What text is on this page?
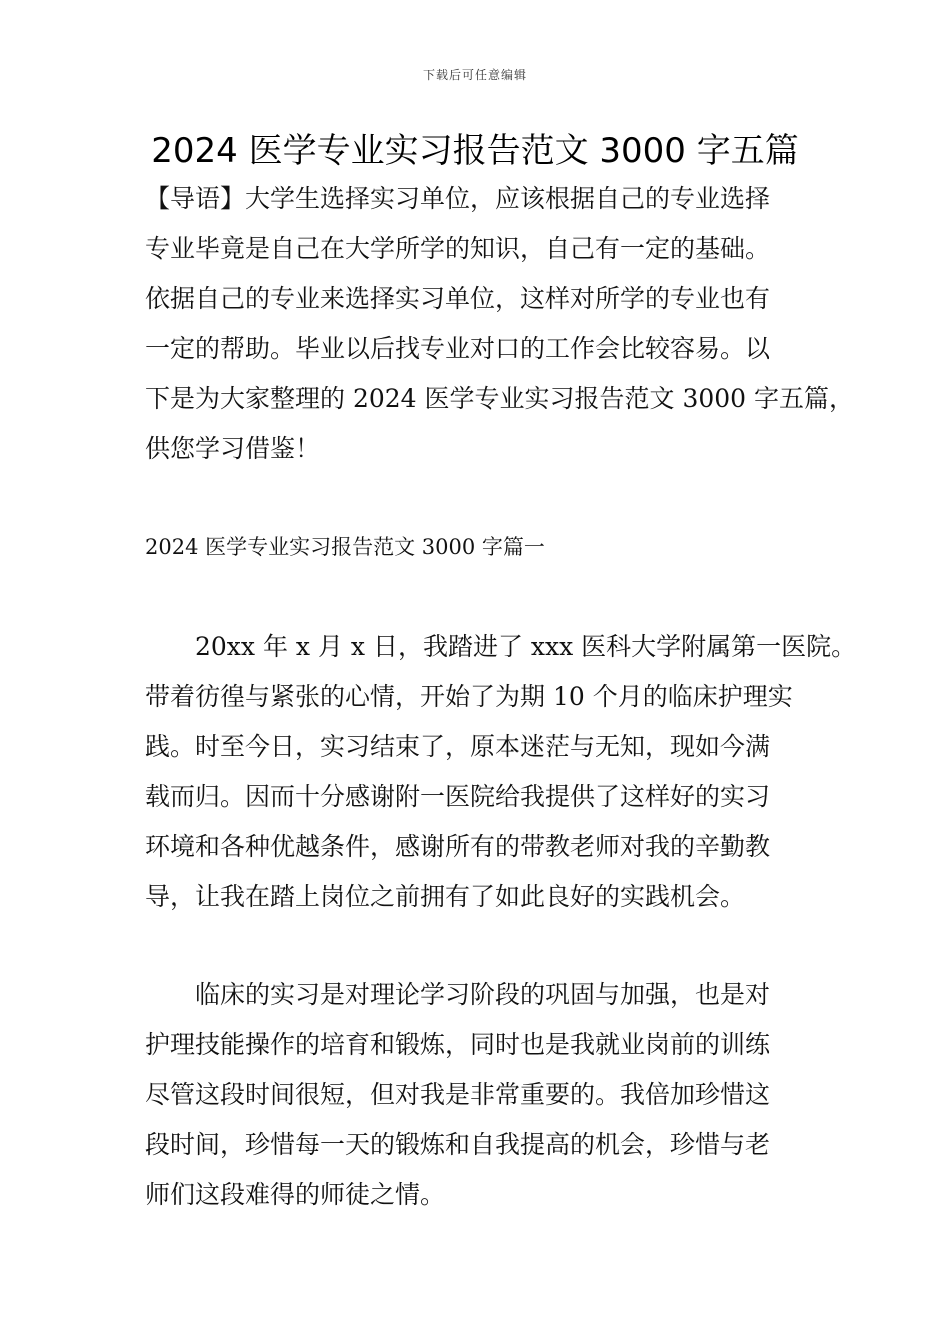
下载后可任意编辑
2024 医学专业实习报告范文 3000 字五篇
【导语】大学生选择实习单位，应该根据自己的专业选择
专业毕竟是自己在大学所学的知识，自己有一定的基础。
依据自己的专业来选择实习单位，这样对所学的专业也有
一定的帮助。毕业以后找专业对口的工作会比较容易。以
下是为大家整理的 2024 医学专业实习报告范文 3000 字五篇，
供您学习借鉴！
2024 医学专业实习报告范文 3000 字篇一
　　20xx 年 x 月 x 日，我踏进了 xxx 医科大学附属第一医院。
带着彷徨与紧张的心情，开始了为期 10 个月的临床护理实
践。时至今日，实习结束了，原本迷茫与无知，现如今满
载而归。因而十分感谢附一医院给我提供了这样好的实习
环境和各种优越条件，感谢所有的带教老师对我的辛勤教
导，让我在踏上岗位之前拥有了如此良好的实践机会。
　　临床的实习是对理论学习阶段的巩固与加强，也是对
护理技能操作的培育和锻炼，同时也是我就业岗前的训练
尽管这段时间很短，但对我是非常重要的。我倍加珍惜这
段时间，珍惜每一天的锻炼和自我提高的机会，珍惜与老
师们这段难得的师徒之情。
